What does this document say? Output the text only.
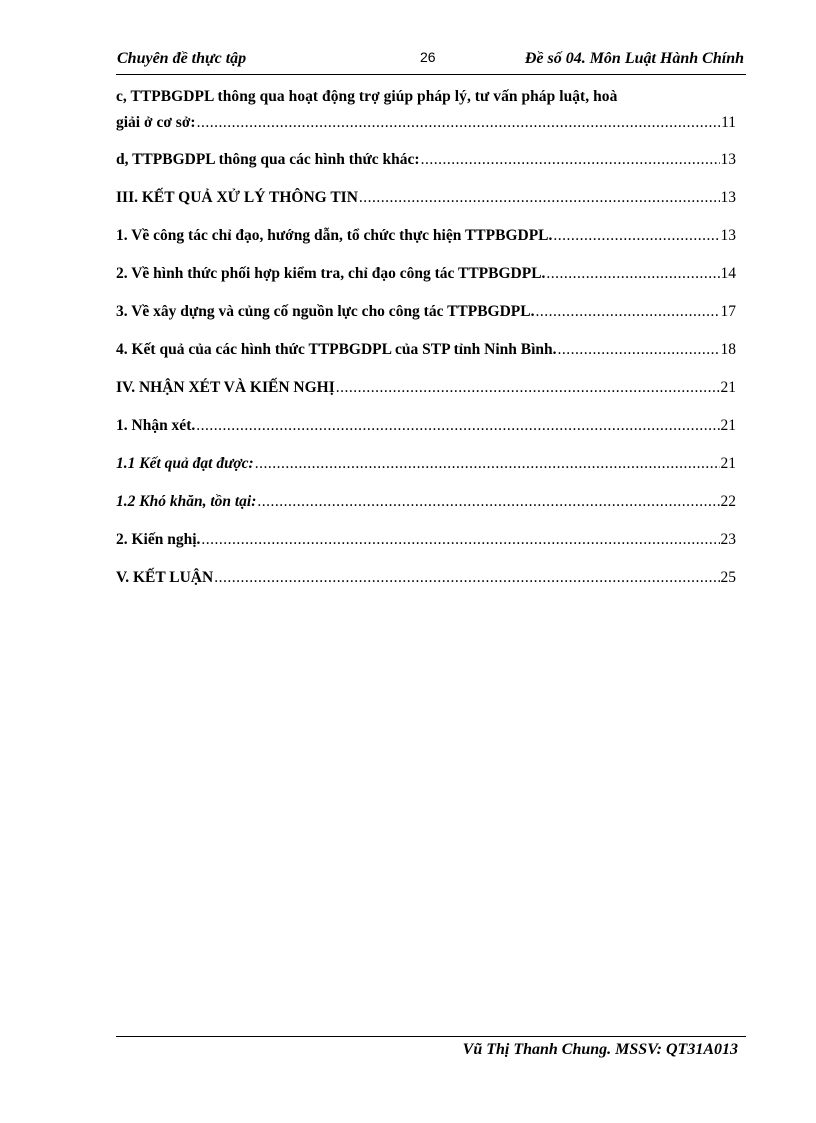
Chuyên đề thực tập	26	Đề số 04. Môn Luật Hành Chính
c, TTPBGDPL thông qua hoạt động trợ giúp pháp lý, tư vấn pháp luật, hoà
giải ở cơ sở: .....	11
d, TTPBGDPL thông qua các hình thức khác: .....	13
III. KẾT QUẢ XỬ LÝ THÔNG TIN .....	13
1. Về công tác chỉ đạo, hướng dẫn, tổ chức thực hiện TTPBGDPL. .....	13
2. Về hình thức phối hợp kiểm tra, chỉ đạo công tác TTPBGDPL. .....	14
3. Về xây dựng và củng cố nguồn lực cho công tác TTPBGDPL. .....	17
4. Kết quả của các hình thức TTPBGDPL của STP tỉnh Ninh Bình. .....	18
IV. NHẬN XÉT VÀ KIẾN NGHỊ .....	21
1. Nhận xét. .....	21
1.1 Kết quả đạt được: .....	21
1.2 Khó khăn, tồn tại: .....	22
2. Kiến nghị. .....	23
V. KẾT LUẬN .....	25
Vũ Thị Thanh Chung. MSSV: QT31A013
